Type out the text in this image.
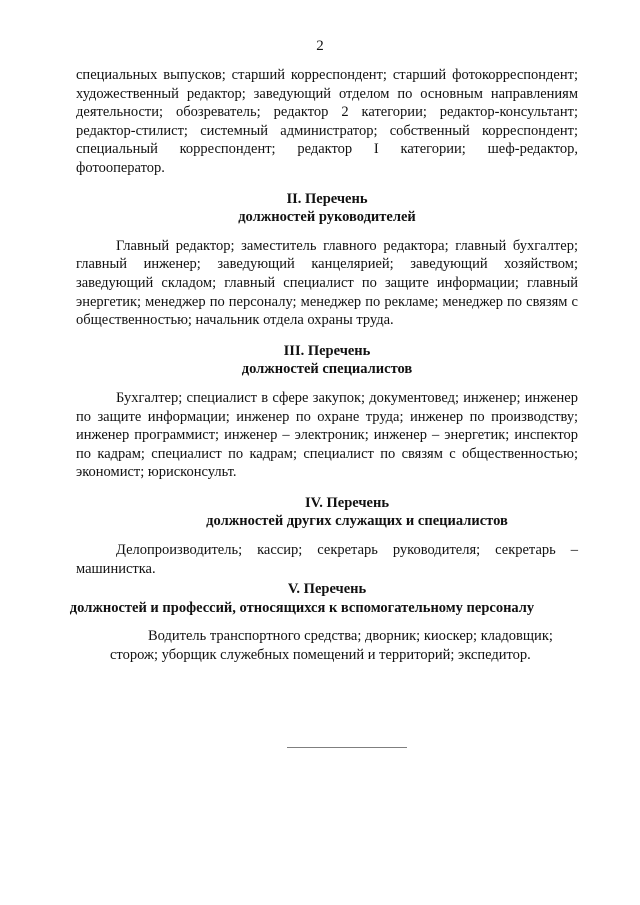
2

специальных выпусков; старший корреспондент; старший фотокорреспондент; художественный редактор; заведующий отделом по основным направлениям деятельности; обозреватель; редактор 2 категории; редактор-консультант; редактор-стилист; системный администратор; собственный корреспондент; специальный корреспондент; редактор I категории; шеф-редактор, фотооператор.

II. Перечень

должностей руководителей

Главный редактор; заместитель главного редактора; главный бухгалтер; главный инженер; заведующий канцелярией; заведующий хозяйством; заведующий складом; главный специалист по защите информации; главный энергетик; менеджер по персоналу; менеджер по рекламе; менеджер по связям с общественностью; начальник отдела охраны труда.

III. Перечень

должностей специалистов

Бухгалтер; специалист в сфере закупок; документовед; инженер; инженер по защите информации; инженер по охране труда; инженер по производству; инженер программист; инженер – электроник; инженер – энергетик; инспектор по кадрам; специалист по кадрам; специалист по связям с общественностью; экономист; юрисконсульт.

IV. Перечень

должностей других служащих и специалистов

Делопроизводитель; кассир; секретарь руководителя; секретарь – машинистка.

V. Перечень

должностей и профессий, относящихся к вспомогательному персоналу

Водитель транспортного средства; дворник; киоскер; кладовщик;

сторож; уборщик служебных помещений и территорий; экспедитор.
